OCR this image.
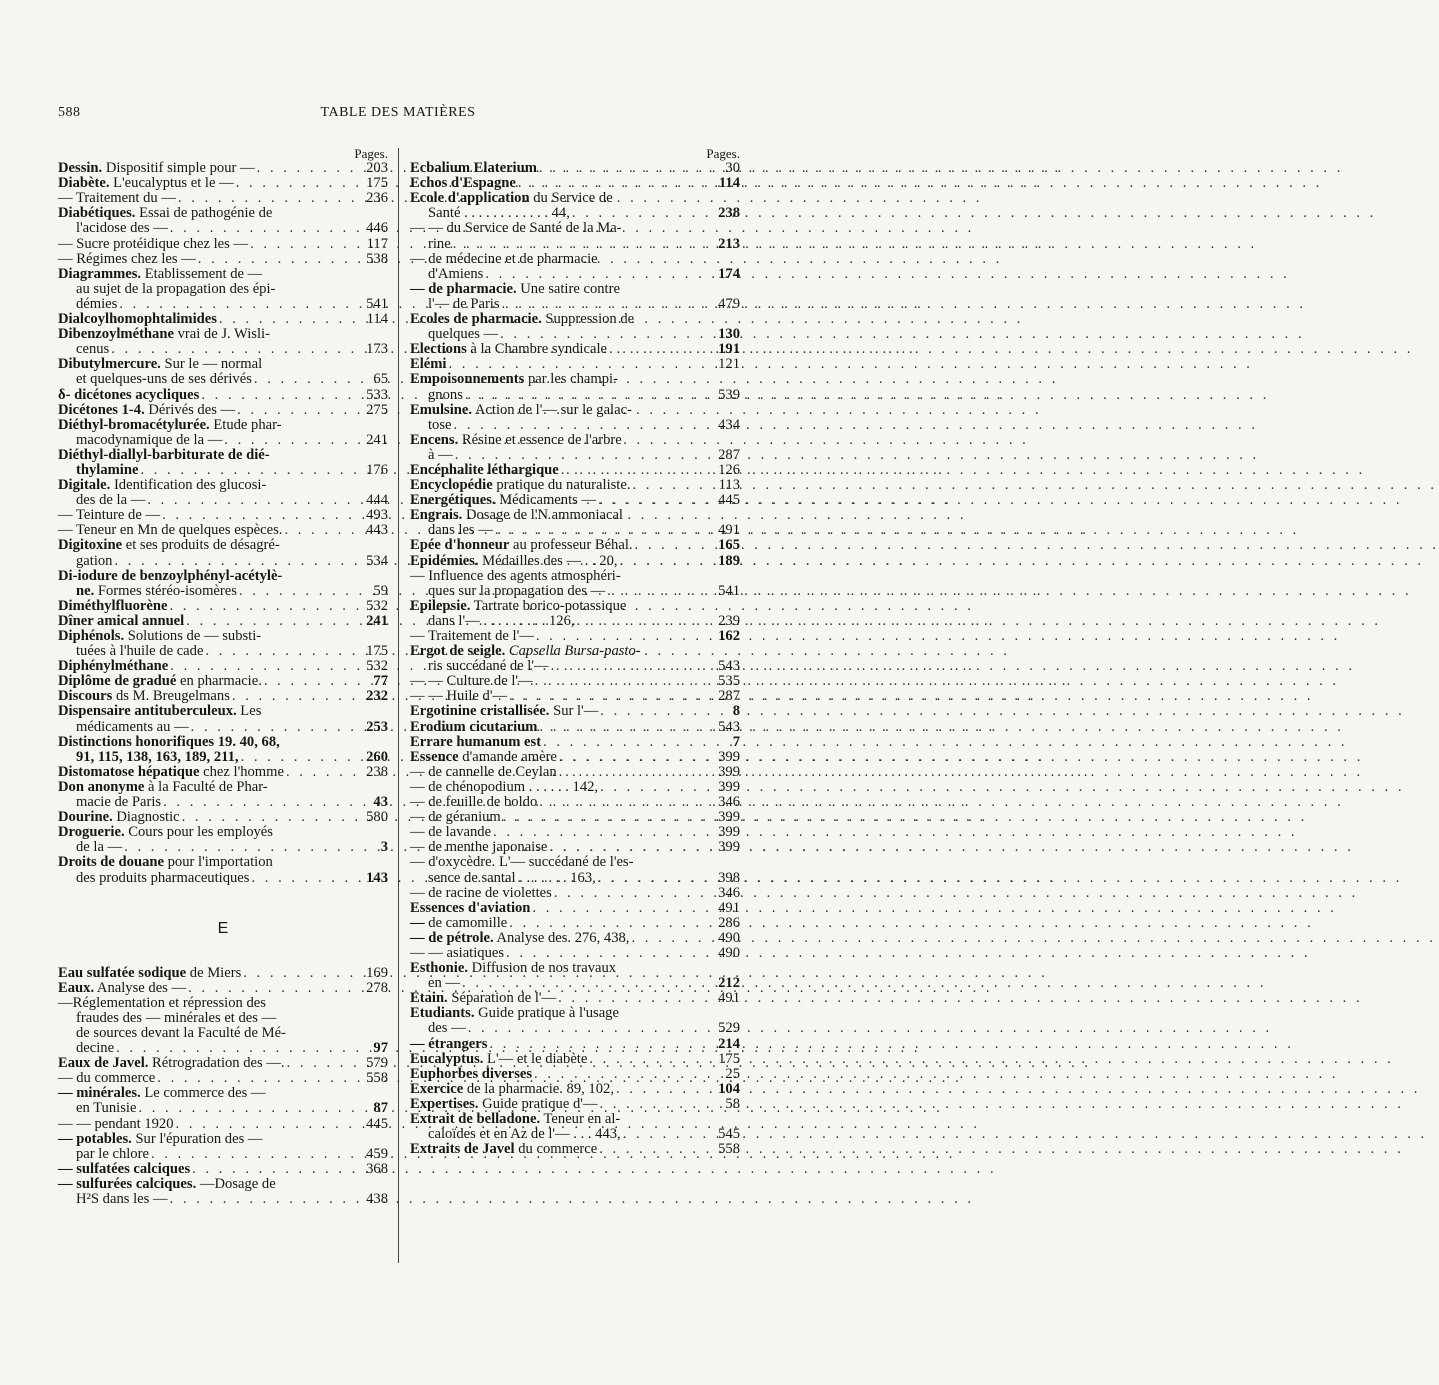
588	TABLE DES MATIÈRES
Pages.
Dessin. Dispositif simple pour — . . .	203
Diabète. L'eucalyptus et le — . . .	175
— Traitement du — . . .	236
Diabétiques. Essai de pathogénie de
l'acidose des — . . .	446
— Sucre protéidique chez les — . . .	117
— Régimes chez les — . . .	538
Diagrammes. Etablissement de —
au sujet de la propagation des épi-
démies . . .	541
Dialcoylhomophtalimides . . .	114
Dibenzoylméthane vrai de J. Wisli-
cenus . . .	173
Dibutylmercure. Sur le — normal
et quelques-uns de ses dérivés . . .	65
δ- dicétones acycliques . . .	533
Dicétones 1-4. Dérivés des — . . .	275
Diéthyl-bromacétylurée. Etude phar-
macodynamique de la — . . .	241
Diéthyl-diallyl-barbiturate de dié-
thylamine . . .	176
Digitale. Identification des glucosi-
des de la — . . .	444
— Teinture de — . . .	493
— Teneur en Mn de quelques espèces. . . .	443
Digitoxine et ses produits de désagré-
gation . . .	534
Di-iodure de benzoylphényl-acétylè-
ne. Formes stéréo-isomères . . .	59
Diméthylfluorène . . .	532
Dîner amical annuel . . .	241
Diphénols. Solutions de — substi-
tuées à l'huile de cade . . .	175
Diphénylméthane . . .	532
Diplôme de gradué en pharmacie. . . .	77
Discours ds M. Breugelmans . . .	232
Dispensaire antituberculeux. Les
médicaments au — . . .	253
Distinctions honorifiques 19. 40, 68,
91, 115, 138, 163, 189, 211, . . .	260
Distomatose hépatique chez l'homme . . .	238
Don anonyme à la Faculté de Phar-
macie de Paris . . .	43
Dourine. Diagnostic . . .	580
Droguerie. Cours pour les employés
de la — . . .	3
Droits de douane pour l'importation
des produits pharmaceutiques . . .	143
E
Eau sulfatée sodique de Miers . . .	169
Eaux. Analyse des — . . .	278
—Réglementation et répression des
fraudes des — minérales et des —
de sources devant la Faculté de Mé-
decine . . .	97
Eaux de Javel. Rétrogradation des —. . . .	579
— du commerce . . .	558
— minérales. Le commerce des —
en Tunisie . . .	87
— — pendant 1920 . . .	445
— potables. Sur l'épuration des —
par le chlore . . .	459
— sulfatées calciques . . .	368
— sulfurées calciques. —Dosage de
H²S dans les — . . .	438
Pages.
Ecbalium Elaterium . . .	30
Echos d'Espagne . . .	114
Ecole d'application du Service de
Santé . . . . . . . . . . . . 44, . . .	238
— — du Service de Santé de la Ma-
rine . . .	213
— de médecine et de pharmacie
d'Amiens . . .	174
— de pharmacie. Une satire contre
l'— de Paris . . .	479
Ecoles de pharmacie. Suppression de
quelques — . . .	130
Elections à la Chambre syndicale . . .	191
Elémi . . .	121
Empoisonnements par les champi-
gnons . . .	539
Emulsine. Action de l'— sur le galac-
tose . . .	434
Encens. Résine et essence de l'arbre
à — . . .	287
Encéphalite léthargique . . .	126
Encyclopédie pratique du naturaliste. . . .	113
Energétiques. Médicaments — . . .	445
Engrais. Dosage de l'N ammoniacal
dans les — . . .	491
Epée d'honneur au professeur Béhal. . . .	165
Epidémies. Médailles des — . . 20, . . .	189
— Influence des agents atmosphéri-
ques sur la propagation des — . . .	541
Epilepsie. Tartrate borico-potassique
dans l'— . . . . . . . . . 126, . . .	239
— Traitement de l'— . . .	162
Ergot de seigle. Capsella Bursa-pasto-
ris succédané de l'— . . .	543
— — Culture de l'— . . .	535
— — Huile d'— . . .	287
Ergotinine cristallisée. Sur l'— . . .	8
Erodium cicutarium . . .	543
Errare humanum est . . .	7
Essence d'amande amère . . .	399
— de cannelle de Ceylan . . .	399
— de chénopodium . . . . . . 142, . . .	399
— de feuille de boldo . . .	346
— de géranium . . .	399
— de lavande . . .	399
— de menthe japonaise . . .	399
— d'oxycèdre. L'— succédané de l'es-
sence de santal . . . . . . . 163, . . .	398
— de racine de violettes . . .	346
Essences d'aviation . . .	491
— de camomille . . .	286
— de pétrole. Analyse des. 276, 438, . . .	490
— — asiatiques . . .	490
Esthonie. Diffusion de nos travaux
en — . . .	212
Etain. Séparation de l'— . . .	491
Etudiants. Guide pratique à l'usage
des — . . .	529
— étrangers . . .	214
Eucalyptus. L'— et le diabète . . .	175
Euphorbes diverses . . .	25
Exercice de la pharmacie. 89, 102, . . .	104
Expertises. Guide pratique d'— . . .	58
Extrait de belladone. Teneur en al-
caloïdes et en Az de l'— . . . 443, . . .	545
Extraits de Javel du commerce . . .	558
